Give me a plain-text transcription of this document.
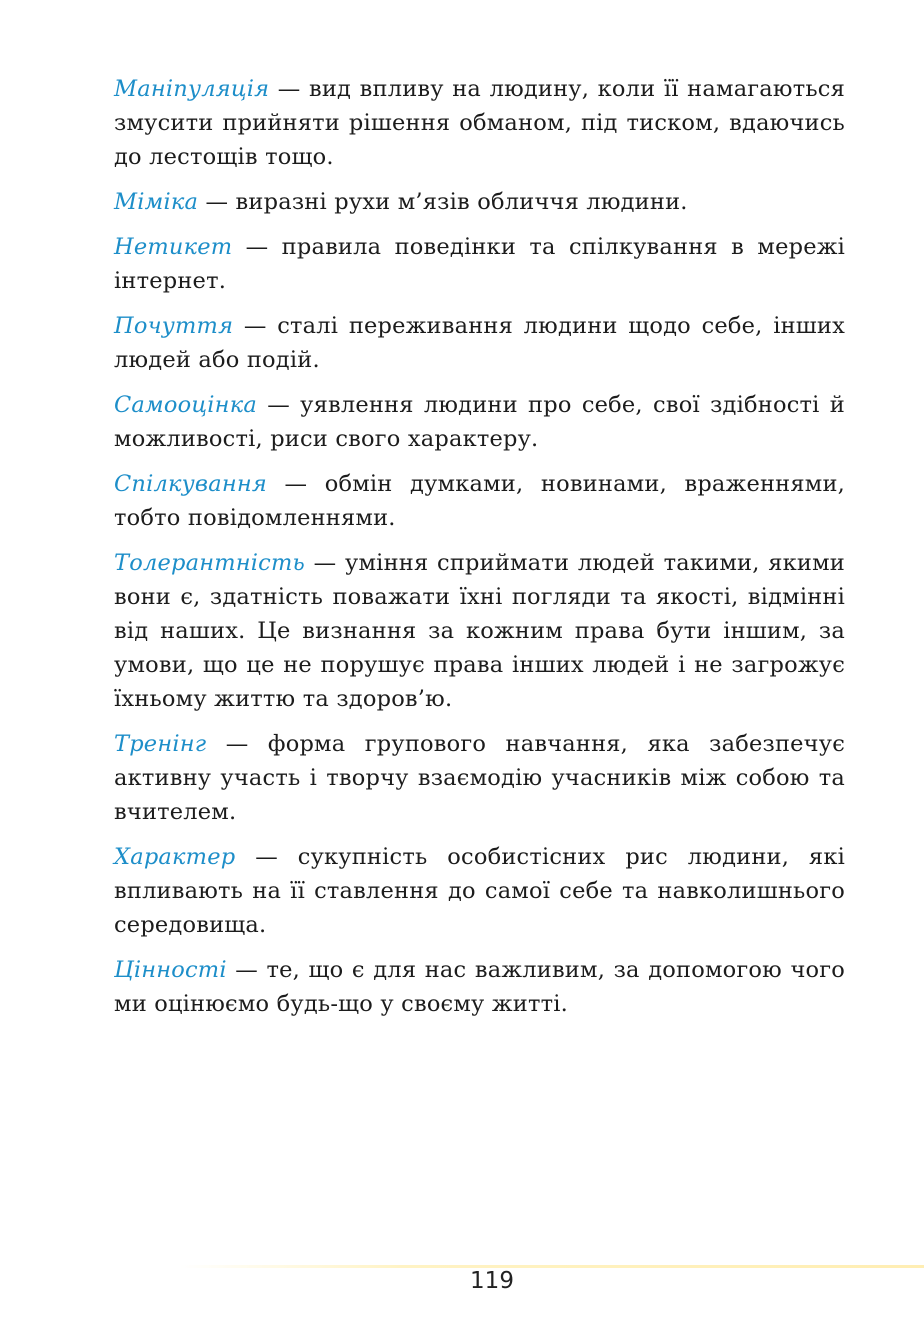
Маніпуляція — вид впливу на людину, коли її намагаються змусити прийняти рішення обманом, під тиском, вдаючись до лестощів тощо.

Міміка — виразні рухи м’язів обличчя людини.

Нетикет — правила поведінки та спілкування в мережі інтернет.

Почуття — сталі переживання людини щодо себе, інших людей або подій.

Самооцінка — уявлення людини про себе, свої здібності й можливості, риси свого характеру.

Спілкування — обмін думками, новинами, враженнями, тобто повідомленнями.

Толерантність — уміння сприймати людей такими, якими вони є, здатність поважати їхні погляди та якості, відмінні від наших. Це визнання за кожним права бути іншим, за умови, що це не порушує права інших людей і не загрожує їхньому життю та здоров’ю.

Тренінг — форма групового навчання, яка забезпечує активну участь і творчу взаємодію учасників між собою та вчителем.

Характер — сукупність особистісних рис людини, які впливають на її ставлення до самої себе та навколишнього середовища.

Цінності — те, що є для нас важливим, за допомогою чого ми оцінюємо будь-що у своєму житті.

119
